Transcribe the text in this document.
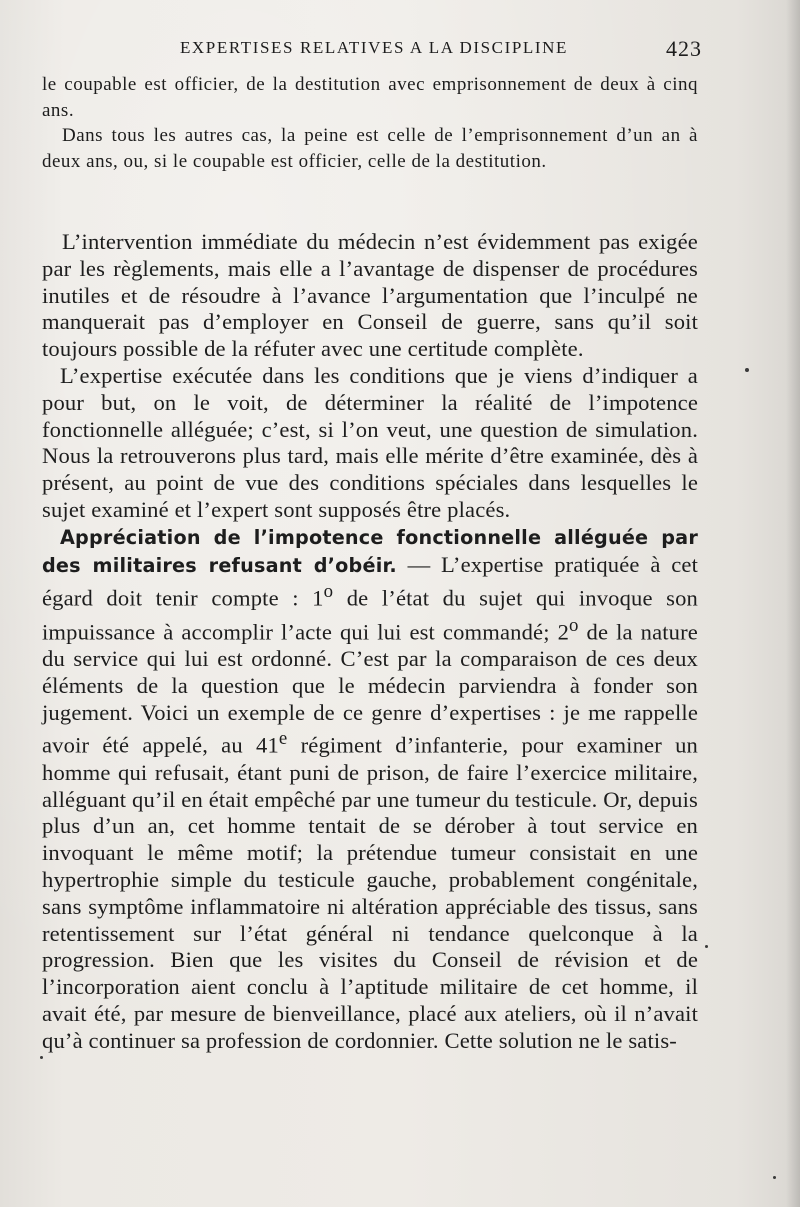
EXPERTISES RELATIVES A LA DISCIPLINE	423

le coupable est officier, de la destitution avec emprisonnement de deux à cinq ans.

Dans tous les autres cas, la peine est celle de l’emprisonnement d’un an à deux ans, ou, si le coupable est officier, celle de la destitution.

L’intervention immédiate du médecin n’est évidemment pas exigée par les règlements, mais elle a l’avantage de dispenser de procédures inutiles et de résoudre à l’avance l’argumentation que l’inculpé ne manquerait pas d’employer en Conseil de guerre, sans qu’il soit toujours possible de la réfuter avec une certitude complète.

L’expertise exécutée dans les conditions que je viens d’indiquer a pour but, on le voit, de déterminer la réalité de l’impotence fonctionnelle alléguée; c’est, si l’on veut, une question de simulation. Nous la retrouverons plus tard, mais elle mérite d’être examinée, dès à présent, au point de vue des conditions spéciales dans lesquelles le sujet examiné et l’expert sont supposés être placés.

Appréciation de l’impotence fonctionnelle alléguée par des militaires refusant d’obéir. — L’expertise pratiquée à cet égard doit tenir compte : 1$^o$ de l’état du sujet qui invoque son impuissance à accomplir l’acte qui lui est commandé; 2$^o$ de la nature du service qui lui est ordonné. C’est par la comparaison de ces deux éléments de la question que le médecin parviendra à fonder son jugement. Voici un exemple de ce genre d’expertises : je me rappelle avoir été appelé, au 41e régiment d’infanterie, pour examiner un homme qui refusait, étant puni de prison, de faire l’exercice militaire, alléguant qu’il en était empêché par une tumeur du testicule. Or, depuis plus d’un an, cet homme tentait de se dérober à tout service en invoquant le même motif; la prétendue tumeur consistait en une hypertrophie simple du testicule gauche, probablement congénitale, sans symptôme inflammatoire ni altération appréciable des tissus, sans retentissement sur l’état général ni tendance quelconque à la progression. Bien que les visites du Conseil de révision et de l’incorporation aient conclu à l’aptitude militaire de cet homme, il avait été, par mesure de bienveillance, placé aux ateliers, où il n’avait qu’à continuer sa profession de cordonnier. Cette solution ne le satis-
